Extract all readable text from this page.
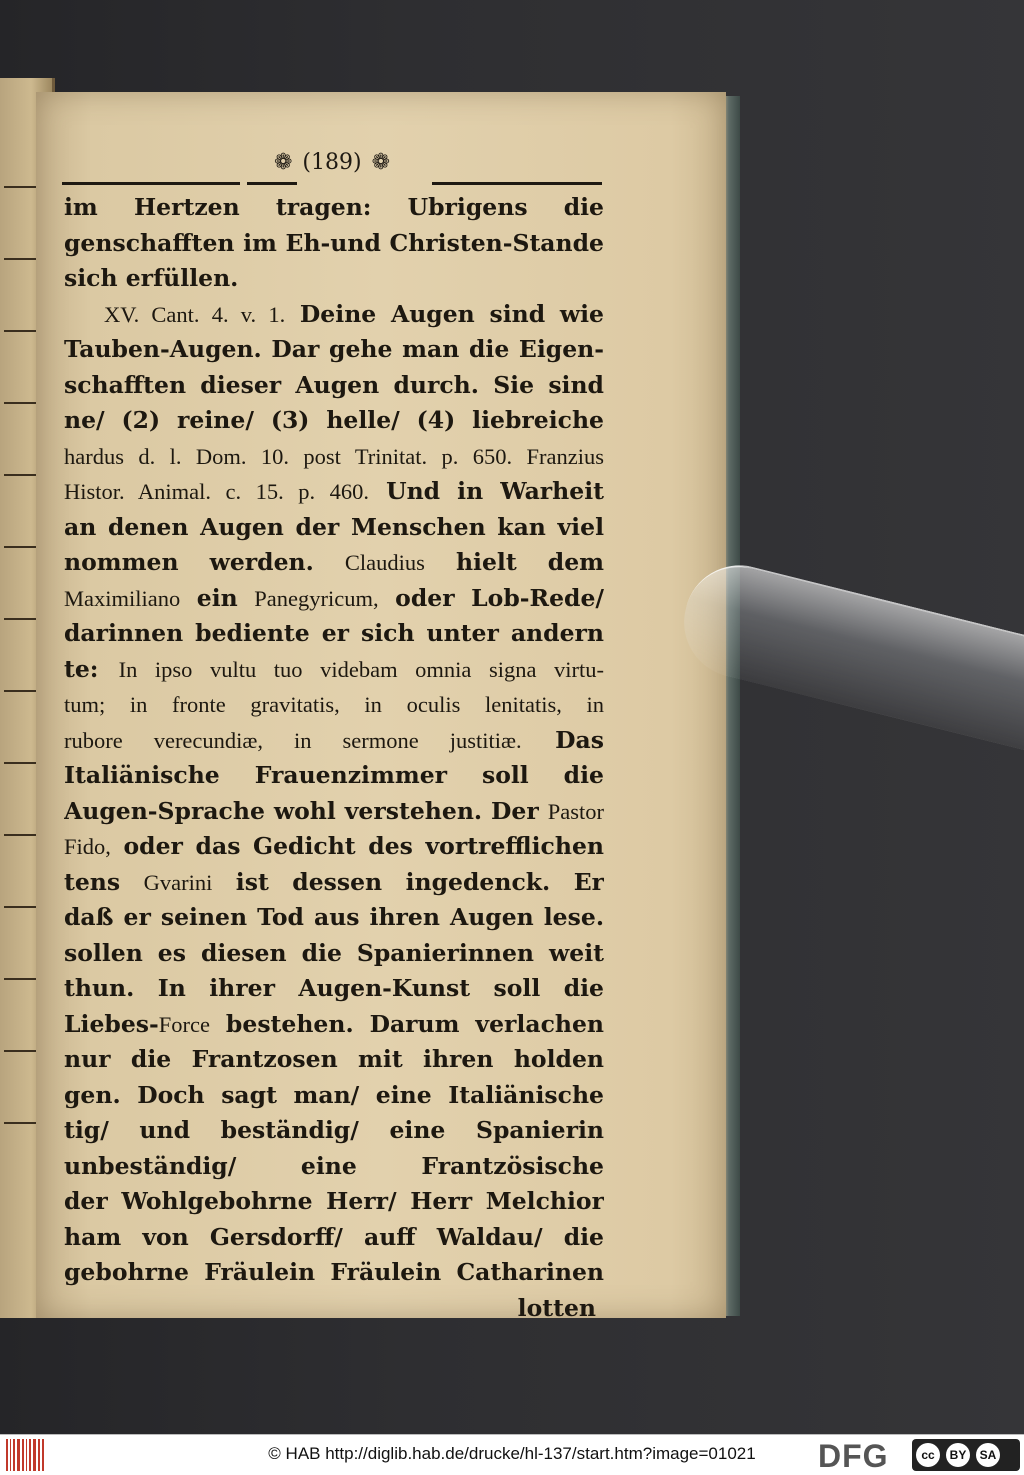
❁ (189) ❁
im Hertzen tragen: Ubrigens die
genschafften im Eh-und Christen-Stande
sich erfüllen.
XV. Cant. 4. v. 1. Deine Augen sind wie
Tauben-Augen. Dar gehe man die Eigen-
schafften dieser Augen durch. Sie sind
ne/ (2) reine/ (3) helle/ (4) liebreiche
hardus d. l. Dom. 10. post Trinitat. p. 650. Franzius
Histor. Animal. c. 15. p. 460. Und in Warheit
an denen Augen der Menschen kan viel
nommen werden. Claudius hielt dem
Maximiliano ein Panegyricum, oder Lob-Rede/
darinnen bediente er sich unter andern
te: In ipso vultu tuo videbam omnia signa virtu-
tum; in fronte gravitatis, in oculis lenitatis, in
rubore verecundiæ, in sermone justitiæ. Das
Italiänische Frauenzimmer soll die
Augen-Sprache wohl verstehen. Der Pastor
Fido, oder das Gedicht des vortrefflichen
tens Gvarini ist dessen ingedenck. Er
daß er seinen Tod aus ihren Augen lese.
sollen es diesen die Spanierinnen weit
thun. In ihrer Augen-Kunst soll die
Liebes-Force bestehen. Darum verlachen
nur die Frantzosen mit ihren holden
gen. Doch sagt man/ eine Italiänische
tig/ und beständig/ eine Spanierin
unbeständig/ eine Frantzösische
der Wohlgebohrne Herr/ Herr Melchior
ham von Gersdorff/ auff Waldau/ die
gebohrne Fräulein Fräulein Catharinen
lotten
© HAB http://diglib.hab.de/drucke/hl-137/start.htm?image=01021	DFG	cc	BY	SA
